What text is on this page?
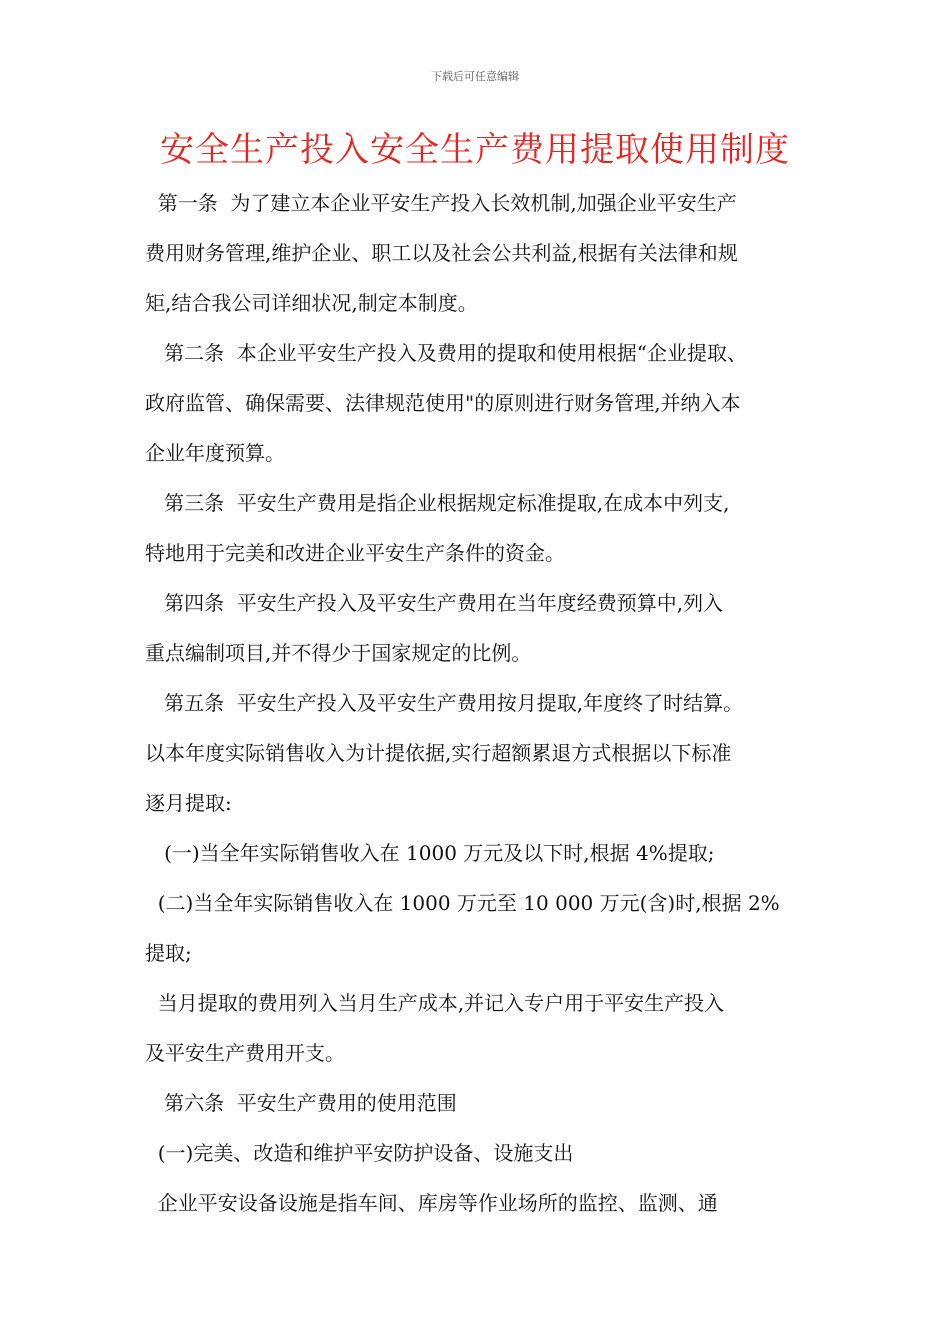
下载后可任意编辑
安全生产投入安全生产费用提取使用制度
第一条  为了建立本企业平安生产投入长效机制,加强企业平安生产
费用财务管理,维护企业、职工以及社会公共利益,根据有关法律和规
矩,结合我公司详细状况,制定本制度。
第二条  本企业平安生产投入及费用的提取和使用根据“企业提取、
政府监管、确保需要、法律规范使用"的原则进行财务管理,并纳入本
企业年度预算。
第三条  平安生产费用是指企业根据规定标准提取,在成本中列支,
特地用于完美和改进企业平安生产条件的资金。
第四条  平安生产投入及平安生产费用在当年度经费预算中,列入
重点编制项目,并不得少于国家规定的比例。
第五条  平安生产投入及平安生产费用按月提取,年度终了时结算。
以本年度实际销售收入为计提依据,实行超额累退方式根据以下标准
逐月提取:
(一)当全年实际销售收入在 1000 万元及以下时,根据 4%提取;
(二)当全年实际销售收入在 1000 万元至 10 000 万元(含)时,根据 2%
提取;
当月提取的费用列入当月生产成本,并记入专户用于平安生产投入
及平安生产费用开支。
第六条  平安生产费用的使用范围
(一)完美、改造和维护平安防护设备、设施支出
企业平安设备设施是指车间、库房等作业场所的监控、监测、通
